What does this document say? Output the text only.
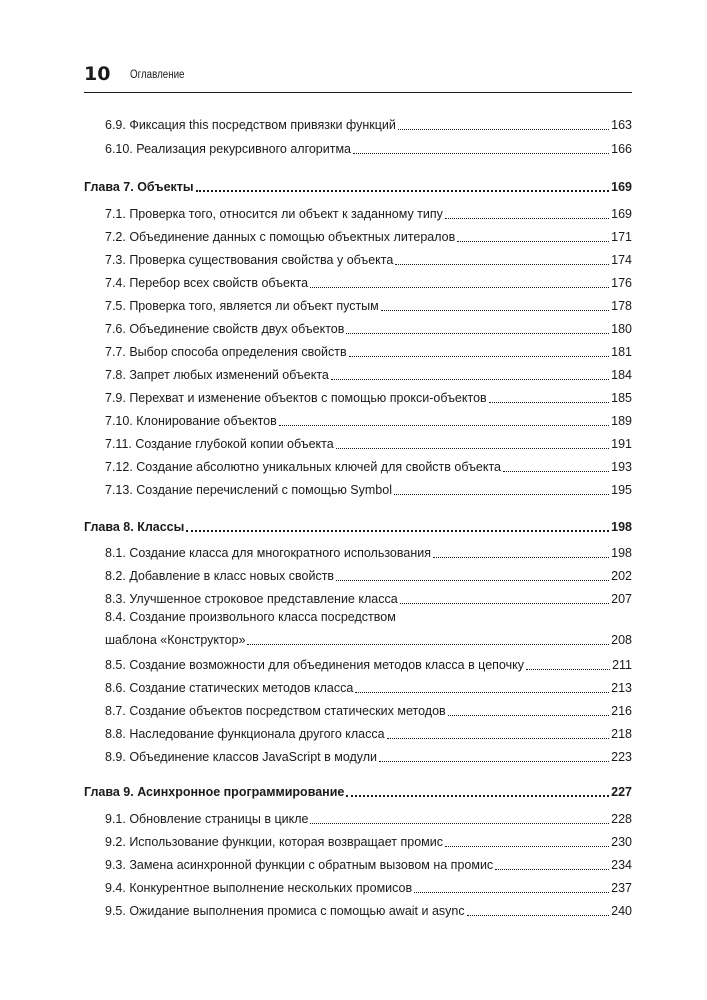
10 Оглавление
6.9. Фиксация this посредством привязки функций	163
6.10. Реализация рекурсивного алгоритма	166
Глава 7. Объекты	169
7.1. Проверка того, относится ли объект к заданному типу	169
7.2. Объединение данных с помощью объектных литералов	171
7.3. Проверка существования свойства у объекта	174
7.4. Перебор всех свойств объекта	176
7.5. Проверка того, является ли объект пустым	178
7.6. Объединение свойств двух объектов	180
7.7. Выбор способа определения свойств	181
7.8. Запрет любых изменений объекта	184
7.9. Перехват и изменение объектов с помощью прокси-объектов	185
7.10. Клонирование объектов	189
7.11. Создание глубокой копии объекта	191
7.12. Создание абсолютно уникальных ключей для свойств объекта	193
7.13. Создание перечислений с помощью Symbol	195
Глава 8. Классы	198
8.1. Создание класса для многократного использования	198
8.2. Добавление в класс новых свойств	202
8.3. Улучшенное строковое представление класса	207
8.4. Создание произвольного класса посредством
шаблона «Конструктор»	208
8.5. Создание возможности для объединения методов класса в цепочку	211
8.6. Создание статических методов класса	213
8.7. Создание объектов посредством статических методов	216
8.8. Наследование функционала другого класса	218
8.9. Объединение классов JavaScript в модули	223
Глава 9. Асинхронное программирование	227
9.1. Обновление страницы в цикле	228
9.2. Использование функции, которая возвращает промис	230
9.3. Замена асинхронной функции с обратным вызовом на промис	234
9.4. Конкурентное выполнение нескольких промисов	237
9.5. Ожидание выполнения промиса с помощью await и async	240
